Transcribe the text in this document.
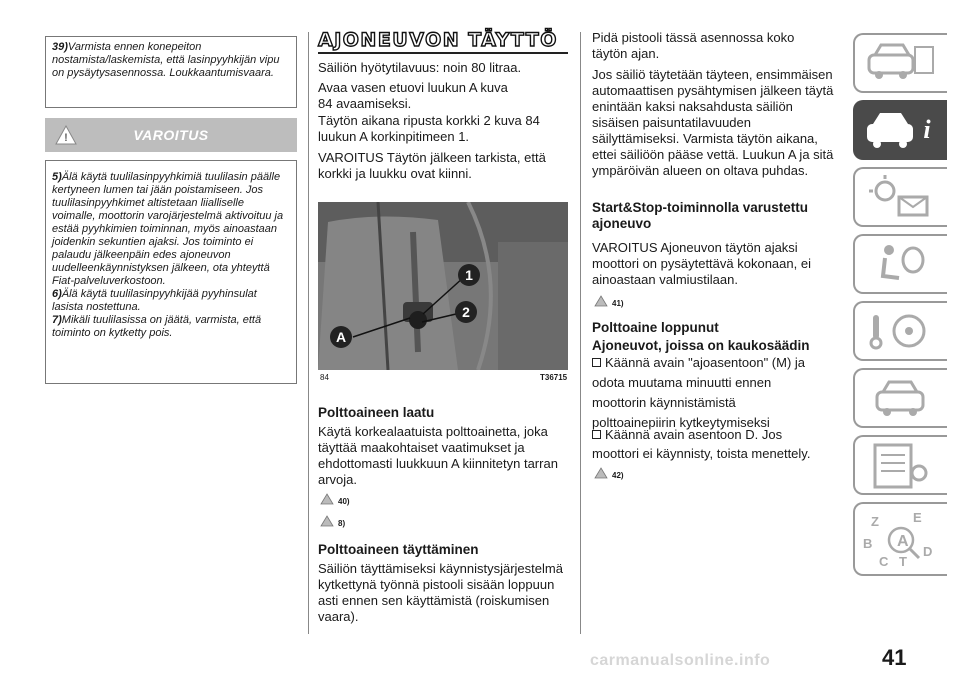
39)Varmista ennen konepeiton nostamista/laskemista, että lasinpyyhkijän vipu on pysäytysasennossa. Loukkaantumisvaara.
!	VAROITUS
5)Älä käytä tuulilasinpyyhkimiä tuulilasin päälle kertyneen lumen tai jään poistamiseen. Jos tuulilasinpyyhkimet altistetaan liialliselle voimalle, moottorin varojärjestelmä aktivoituu ja estää pyyhkimien toiminnan, myös ainoastaan joidenkin sekuntien ajaksi. Jos toiminto ei palaudu jälkeenpäin edes ajoneuvon uudelleenkäynnistyksen jälkeen, ota yhteyttä Fiat-palveluverkostoon.
6)Älä käytä tuulilasinpyyhkijää pyyhinsulat lasista nostettuna.
7)Mikäli tuulilasissa on jäätä, varmista, että toiminto on kytketty pois.
AJONEUVON TÄYTTÖ
Säiliön hyötytilavuus: noin 80 litraa.
Avaa vasen etuovi luukun A kuva 84 avaamiseksi.
Täytön aikana ripusta korkki 2 kuva 84 luukun A korkinpitimeen 1.
VAROITUS Täytön jälkeen tarkista, että korkki ja luukku ovat kiinni.
1
2
A
84	T36715
Polttoaineen laatu
Käytä korkealaatuista polttoainetta, joka täyttää maakohtaiset vaatimukset ja ehdottomasti luukkuun A kiinnitetyn tarran arvoja.
40)
8)
Polttoaineen täyttäminen
Säiliön täyttämiseksi käynnistysjärjestelmä kytkettynä työnnä pistooli sisään loppuun asti ennen sen käyttämistä (roiskumisen vaara).
Pidä pistooli tässä asennossa koko täytön ajan.
Jos säiliö täytetään täyteen, ensimmäisen automaattisen pysähtymisen jälkeen täytä enintään kaksi naksahdusta säiliön sisäisen paisuntatilavuuden säilyttämiseksi. Varmista täytön aikana, ettei säiliöön pääse vettä. Luukun A ja sitä ympäröivän alueen on oltava puhdas.
Start&Stop-toiminnolla varustettu ajoneuvo
VAROITUS Ajoneuvon täytön ajaksi moottori on pysäytettävä kokonaan, ei ainoastaan valmiustilaan.
41)
Polttoaine loppunut
Ajoneuvot, joissa on kaukosäädin
Käännä avain "ajoasentoon" (M) ja
odota muutama minuutti ennen
moottorin käynnistämistä
polttoainepiirin kytkeytymiseksi
Käännä avain asentoon D. Jos
moottori ei käynnisty, toista menettely.
42)
i
Z	E
B A
C T
D
carmanualsonline.info	41
